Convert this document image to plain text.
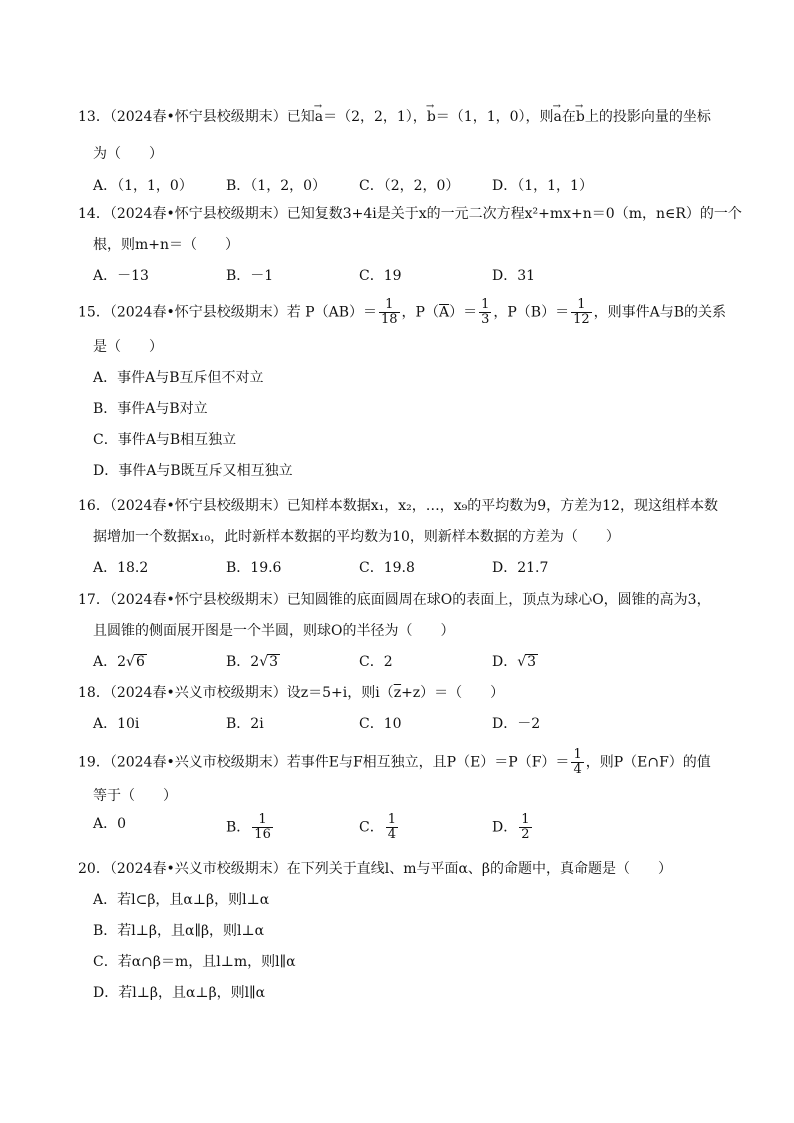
13．（2024春•怀宁县校级期末）已知→ a＝（2，2，1），→ b＝（1，1，0），则→ a在→ b上的投影向量的坐标
为（　　）
A．（1，1，0）	B．（1，2，0）	C．（2，2，0）	D．（1，1，1）
14．（2024春•怀宁县校级期末）已知复数3+4i是关于x的一元二次方程x²+mx+n＝0（m，n∈R）的一个
根，则m+n＝（　　）
A．－13	B．－1	C．19	D．31
15．（2024春•怀宁县校级期末）若 $P(AB)= \frac{1}{18}$ ，$P(\overline{A})= \frac{1}{3}$ ，$P(B)= \frac{1}{12}$ ，则事件A与B的关系
是（　　）
A．事件A与B互斥但不对立
B．事件A与B对立
C．事件A与B相互独立
D．事件A与B既互斥又相互独立
16．（2024春•怀宁县校级期末）已知样本数据x₁，x₂，…，x₉的平均数为9，方差为12，现这组样本数
据增加一个数据x₁₀，此时新样本数据的平均数为10，则新样本数据的方差为（　　）
A．18.2	B．19.6	C．19.8	D．21.7
17．（2024春•怀宁县校级期末）已知圆锥的底面圆周在球O的表面上，顶点为球心O，圆锥的高为3，
且圆锥的侧面展开图是一个半圆，则球O的半径为（　　）
A．2√6	B．2√3	C．2	D．√3
18．（2024春•兴义市校级期末）设z＝5+i，则$i(\overline{z}+z)=$（　　）
A．10i	B．2i	C．10	D．－2
19．（2024春•兴义市校级期末）若事件E与F相互独立，且$P(E)=P(F)= \frac{1}{4}$ ，则P（E∩F）的值
等于（　　）
A．0	B． $\frac{1}{16}$	C． $\frac{1}{4}$	D． $\frac{1}{2}$
20．（2024春•兴义市校级期末）在下列关于直线l、m与平面α、β的命题中，真命题是（　　）
A．若l⊂β，且α⊥β，则l⊥α
B．若l⊥β，且α∥β，则l⊥α
C．若α∩β＝m，且l⊥m，则l∥α
D．若l⊥β，且α⊥β，则l∥α
